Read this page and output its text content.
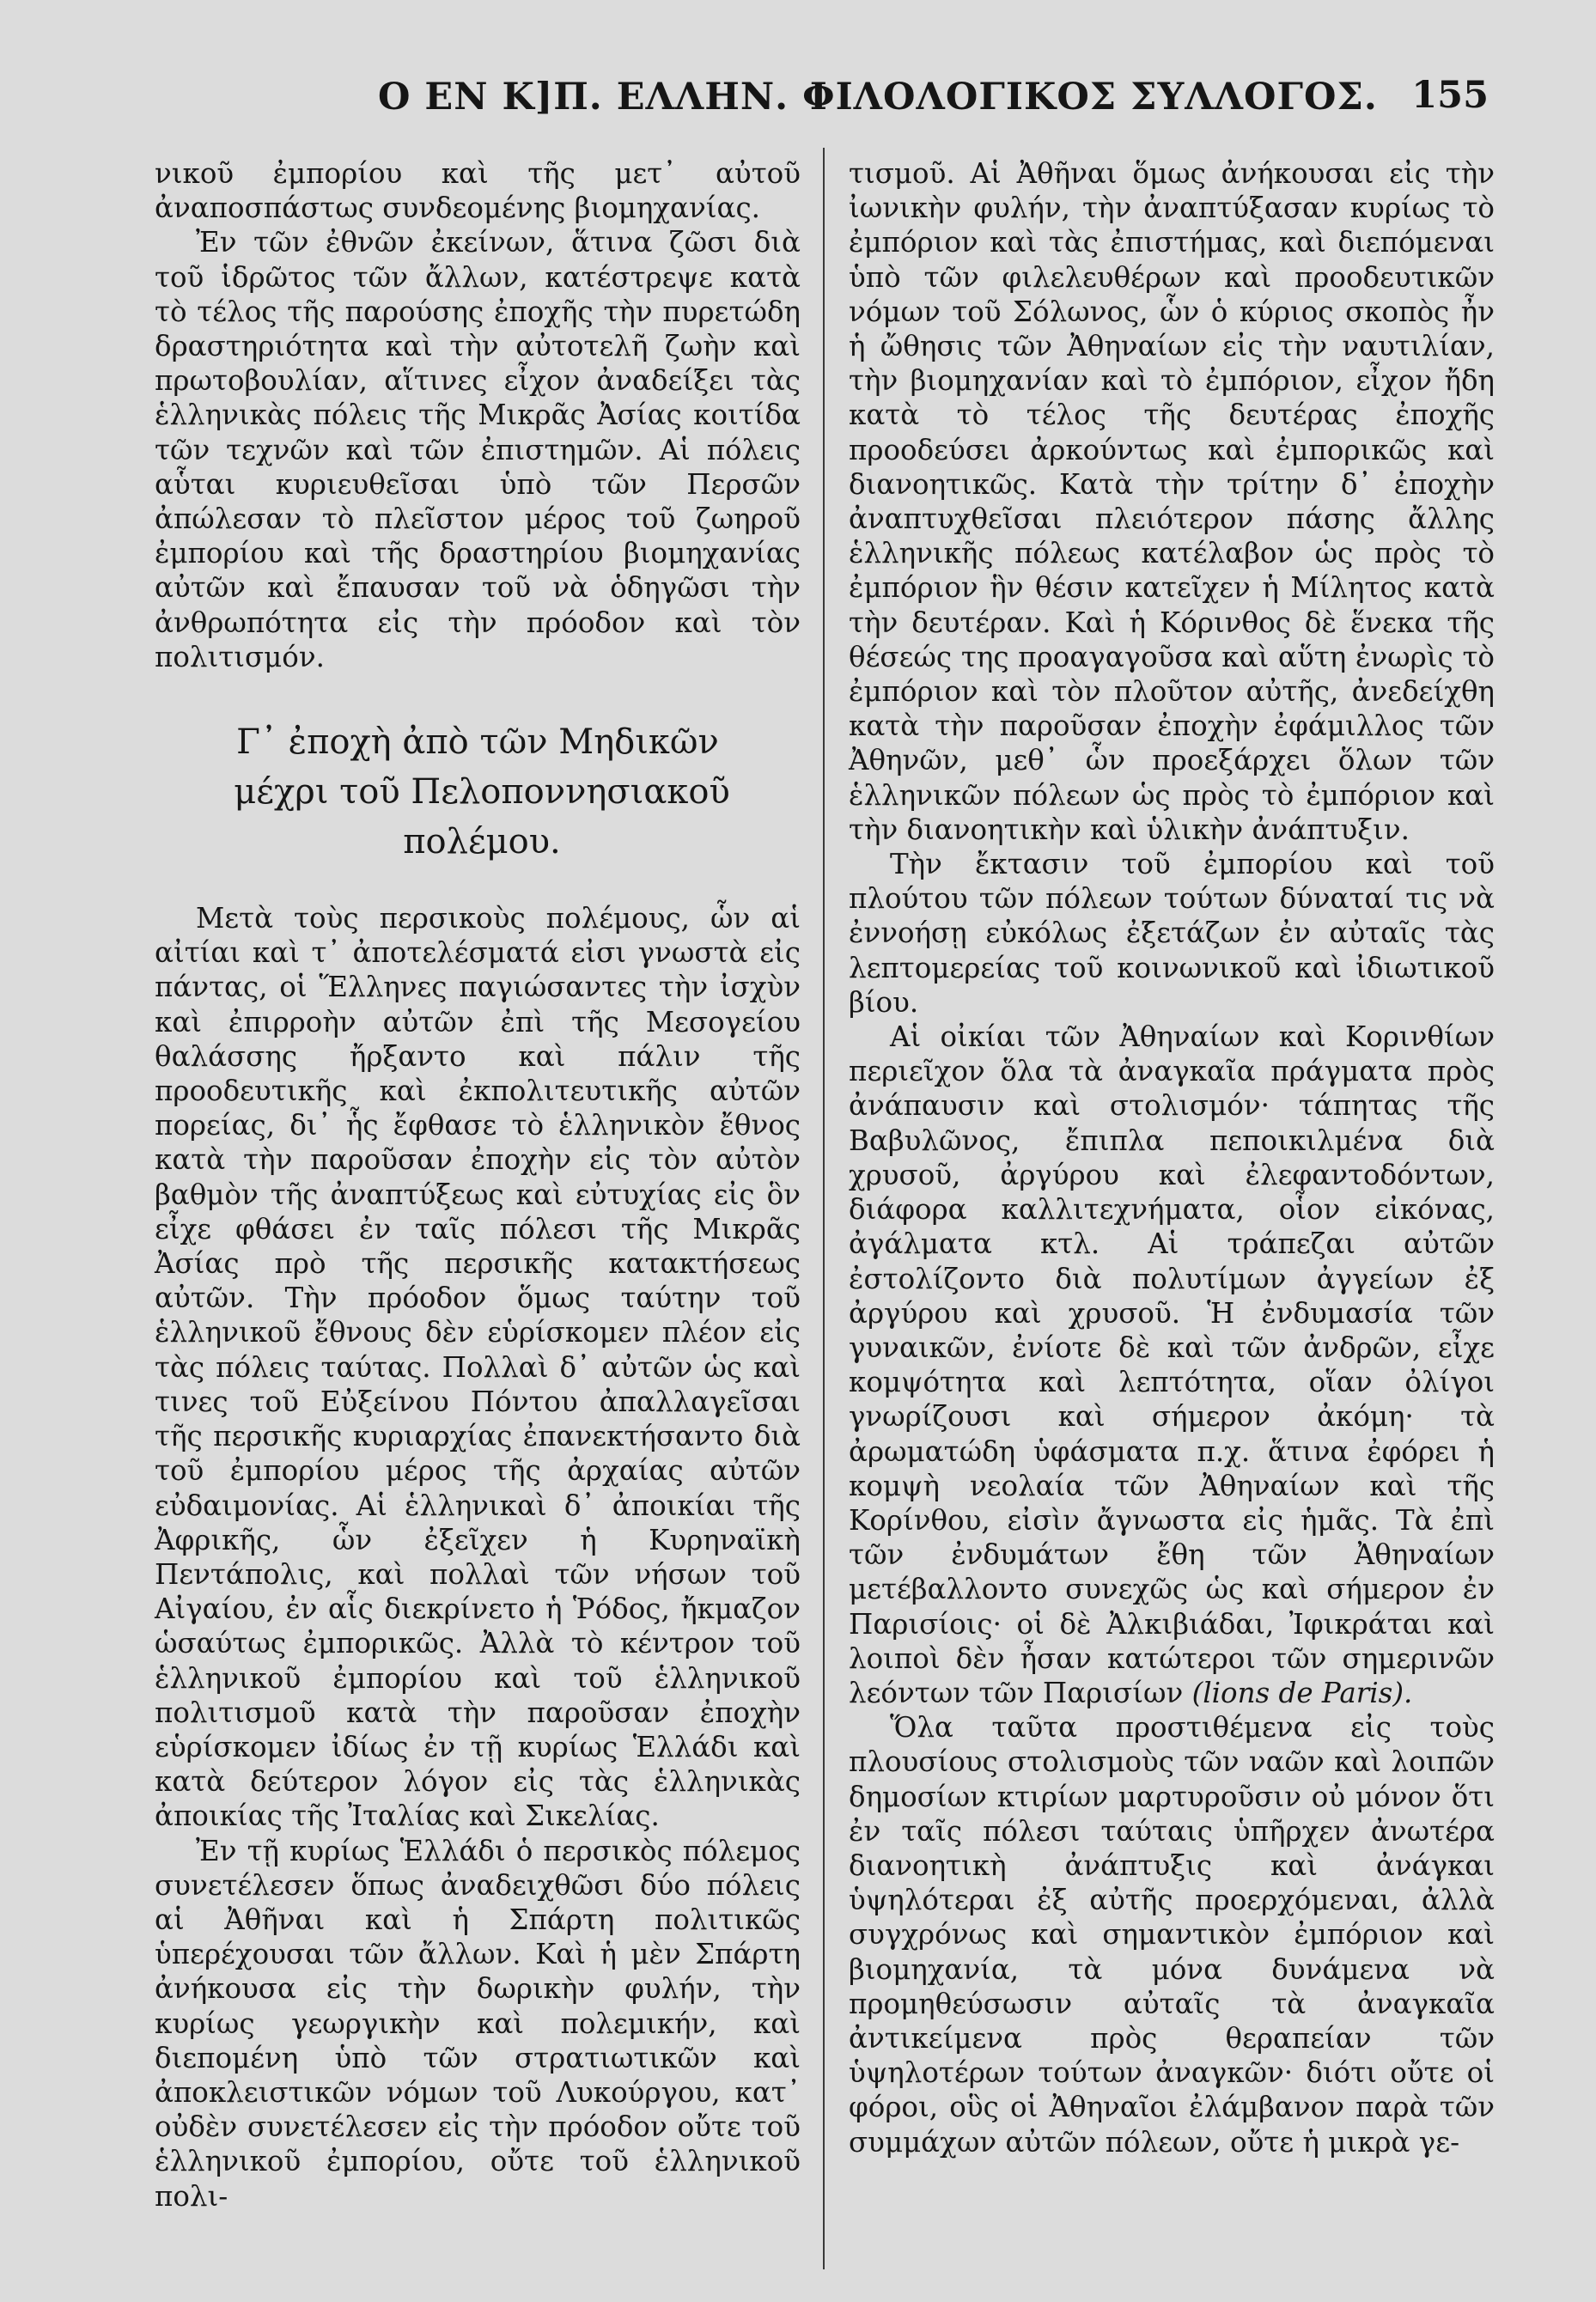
Ο ΕΝ Κ]Π. ΕΛΛΗΝ. ΦΙΛΟΛΟΓΙΚΟΣ ΣΥΛΛΟΓΟΣ. 155

νικοῦ ἐμπορίου καὶ τῆς μετ᾽ αὐτοῦ ἀναποσπάστως συνδεομένης βιομηχανίας.

Ἐν τῶν ἐθνῶν ἐκείνων, ἅτινα ζῶσι διὰ τοῦ ἱδρῶτος τῶν ἄλλων, κατέστρεψε κατὰ τὸ τέλος τῆς παρούσης ἐποχῆς τὴν πυρετώδη δραστηριότητα καὶ τὴν αὐτοτελῆ ζωὴν καὶ πρωτοβουλίαν, αἵτινες εἶχον ἀναδείξει τὰς ἑλληνικὰς πόλεις τῆς Μικρᾶς Ἀσίας κοιτίδα τῶν τεχνῶν καὶ τῶν ἐπιστημῶν. Αἱ πόλεις αὗται κυριευθεῖσαι ὑπὸ τῶν Περσῶν ἀπώλεσαν τὸ πλεῖστον μέρος τοῦ ζωηροῦ ἐμπορίου καὶ τῆς δραστηρίου βιομηχανίας αὐτῶν καὶ ἔπαυσαν τοῦ νὰ ὁδηγῶσι τὴν ἀνθρωπότητα εἰς τὴν πρόοδον καὶ τὸν πολιτισμόν.

Γ᾽ ἐποχὴ ἀπὸ τῶν Μηδικῶν
μέχρι τοῦ Πελοποννησιακοῦ πολέμου.

Μετὰ τοὺς περσικοὺς πολέμους, ὧν αἱ αἰτίαι καὶ τ᾽ ἀποτελέσματά εἰσι γνωστὰ εἰς πάντας, οἱ Ἕλληνες παγιώσαντες τὴν ἰσχὺν καὶ ἐπιρροὴν αὐτῶν ἐπὶ τῆς Μεσογείου θαλάσσης ἤρξαντο καὶ πάλιν τῆς προοδευτικῆς καὶ ἐκπολιτευτικῆς αὐτῶν πορείας, δι᾽ ἧς ἔφθασε τὸ ἑλληνικὸν ἔθνος κατὰ τὴν παροῦσαν ἐποχὴν εἰς τὸν αὐτὸν βαθμὸν τῆς ἀναπτύξεως καὶ εὐτυχίας εἰς ὃν εἶχε φθάσει ἐν ταῖς πόλεσι τῆς Μικρᾶς Ἀσίας πρὸ τῆς περσικῆς κατακτήσεως αὐτῶν. Τὴν πρόοδον ὅμως ταύτην τοῦ ἑλληνικοῦ ἔθνους δὲν εὑρίσκομεν πλέον εἰς τὰς πόλεις ταύτας. Πολλαὶ δ᾽ αὐτῶν ὡς καὶ τινες τοῦ Εὐξείνου Πόντου ἀπαλλαγεῖσαι τῆς περσικῆς κυριαρχίας ἐπανεκτήσαντο διὰ τοῦ ἐμπορίου μέρος τῆς ἀρχαίας αὐτῶν εὐδαιμονίας. Αἱ ἑλληνικαὶ δ᾽ ἀποικίαι τῆς Ἀφρικῆς, ὧν ἐξεῖχεν ἡ Κυρηναϊκὴ Πεντάπολις, καὶ πολλαὶ τῶν νήσων τοῦ Αἰγαίου, ἐν αἷς διεκρίνετο ἡ Ῥόδος, ἤκμαζον ὡσαύτως ἐμπορικῶς. Ἀλλὰ τὸ κέντρον τοῦ ἑλληνικοῦ ἐμπορίου καὶ τοῦ ἑλληνικοῦ πολιτισμοῦ κατὰ τὴν παροῦσαν ἐποχὴν εὑρίσκομεν ἰδίως ἐν τῇ κυρίως Ἑλλάδι καὶ κατὰ δεύτερον λόγον εἰς τὰς ἑλληνικὰς ἀποικίας τῆς Ἰταλίας καὶ Σικελίας.

Ἐν τῇ κυρίως Ἑλλάδι ὁ περσικὸς πόλεμος συνετέλεσεν ὅπως ἀναδειχθῶσι δύο πόλεις αἱ Ἀθῆναι καὶ ἡ Σπάρτη πολιτικῶς ὑπερέχουσαι τῶν ἄλλων. Καὶ ἡ μὲν Σπάρτη ἀνήκουσα εἰς τὴν δωρικὴν φυλήν, τὴν κυρίως γεωργικὴν καὶ πολεμικήν, καὶ διεπομένη ὑπὸ τῶν στρατιωτικῶν καὶ ἀποκλειστικῶν νόμων τοῦ Λυκούργου, κατ᾽ οὐδὲν συνετέλεσεν εἰς τὴν πρόοδον οὔτε τοῦ ἑλληνικοῦ ἐμπορίου, οὔτε τοῦ ἑλληνικοῦ πολι-

τισμοῦ. Αἱ Ἀθῆναι ὅμως ἀνήκουσαι εἰς τὴν ἰωνικὴν φυλήν, τὴν ἀναπτύξασαν κυρίως τὸ ἐμπόριον καὶ τὰς ἐπιστήμας, καὶ διεπόμεναι ὑπὸ τῶν φιλελευθέρων καὶ προοδευτικῶν νόμων τοῦ Σόλωνος, ὧν ὁ κύριος σκοπὸς ἦν ἡ ὤθησις τῶν Ἀθηναίων εἰς τὴν ναυτιλίαν, τὴν βιομηχανίαν καὶ τὸ ἐμπόριον, εἶχον ἤδη κατὰ τὸ τέλος τῆς δευτέρας ἐποχῆς προοδεύσει ἀρκούντως καὶ ἐμπορικῶς καὶ διανοητικῶς. Κατὰ τὴν τρίτην δ᾽ ἐποχὴν ἀναπτυχθεῖσαι πλειότερον πάσης ἄλλης ἑλληνικῆς πόλεως κατέλαβον ὡς πρὸς τὸ ἐμπόριον ἣν θέσιν κατεῖχεν ἡ Μίλητος κατὰ τὴν δευτέραν. Καὶ ἡ Κόρινθος δὲ ἕνεκα τῆς θέσεώς της προαγαγοῦσα καὶ αὕτη ἐνωρὶς τὸ ἐμπόριον καὶ τὸν πλοῦτον αὐτῆς, ἀνεδείχθη κατὰ τὴν παροῦσαν ἐποχὴν ἐφάμιλλος τῶν Ἀθηνῶν, μεθ᾽ ὧν προεξάρχει ὅλων τῶν ἑλληνικῶν πόλεων ὡς πρὸς τὸ ἐμπόριον καὶ τὴν διανοητικὴν καὶ ὑλικὴν ἀνάπτυξιν.

Τὴν ἔκτασιν τοῦ ἐμπορίου καὶ τοῦ πλούτου τῶν πόλεων τούτων δύναταί τις νὰ ἐννοήσῃ εὐκόλως ἐξετάζων ἐν αὐταῖς τὰς λεπτομερείας τοῦ κοινωνικοῦ καὶ ἰδιωτικοῦ βίου.

Αἱ οἰκίαι τῶν Ἀθηναίων καὶ Κορινθίων περιεῖχον ὅλα τὰ ἀναγκαῖα πράγματα πρὸς ἀνάπαυσιν καὶ στολισμόν· τάπητας τῆς Βαβυλῶνος, ἔπιπλα πεποικιλμένα διὰ χρυσοῦ, ἀργύρου καὶ ἐλεφαντοδόντων, διάφορα καλλιτεχνήματα, οἷον εἰκόνας, ἀγάλματα κτλ. Αἱ τράπεζαι αὐτῶν ἐστολίζοντο διὰ πολυτίμων ἀγγείων ἐξ ἀργύρου καὶ χρυσοῦ. Ἡ ἐνδυμασία τῶν γυναικῶν, ἐνίοτε δὲ καὶ τῶν ἀνδρῶν, εἶχε κομψότητα καὶ λεπτότητα, οἵαν ὀλίγοι γνωρίζουσι καὶ σήμερον ἀκόμη· τὰ ἀρωματώδη ὑφάσματα π.χ. ἅτινα ἐφόρει ἡ κομψὴ νεολαία τῶν Ἀθηναίων καὶ τῆς Κορίνθου, εἰσὶν ἄγνωστα εἰς ἡμᾶς. Τὰ ἐπὶ τῶν ἐνδυμάτων ἔθη τῶν Ἀθηναίων μετέβαλλοντο συνεχῶς ὡς καὶ σήμερον ἐν Παρισίοις· οἱ δὲ Ἀλκιβιάδαι, Ἰφικράται καὶ λοιποὶ δὲν ἦσαν κατώτεροι τῶν σημερινῶν λεόντων τῶν Παρισίων (lions de Paris).

Ὅλα ταῦτα προστιθέμενα εἰς τοὺς πλουσίους στολισμοὺς τῶν ναῶν καὶ λοιπῶν δημοσίων κτιρίων μαρτυροῦσιν οὐ μόνον ὅτι ἐν ταῖς πόλεσι ταύταις ὑπῆρχεν ἀνωτέρα διανοητικὴ ἀνάπτυξις καὶ ἀνάγκαι ὑψηλότεραι ἐξ αὐτῆς προερχόμεναι, ἀλλὰ συγχρόνως καὶ σημαντικὸν ἐμπόριον καὶ βιομηχανία, τὰ μόνα δυνάμενα νὰ προμηθεύσωσιν αὐταῖς τὰ ἀναγκαῖα ἀντικείμενα πρὸς θεραπείαν τῶν ὑψηλοτέρων τούτων ἀναγκῶν· διότι οὔτε οἱ φόροι, οὓς οἱ Ἀθηναῖοι ἐλάμβανον παρὰ τῶν συμμάχων αὐτῶν πόλεων, οὔτε ἡ μικρὰ γε-
